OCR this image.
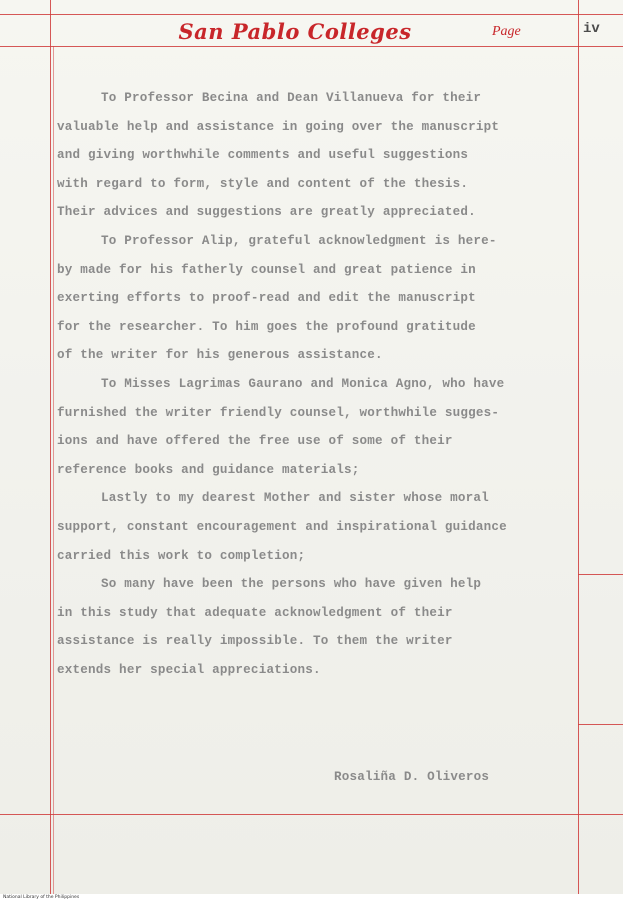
San Pablo Colleges	Page	iv
To Professor Becina and Dean Villanueva for their
valuable help and assistance in going over the manuscript
and giving worthwhile comments and useful suggestions
with regard to form, style and content of the thesis.
Their advices and suggestions are greatly appreciated.
To Professor Alip, grateful acknowledgment is here-
by made for his fatherly counsel and great patience in
exerting efforts to proof-read and edit the manuscript
for the researcher. To him goes the profound gratitude
of the writer for his generous assistance.
To Misses Lagrimas Gaurano and Monica Agno, who have
furnished the writer friendly counsel, worthwhile sugges-
ions and have offered the free use of some of their
reference books and guidance materials;
Lastly to my dearest Mother and sister whose moral
support, constant encouragement and inspirational guidance
carried this work to completion;
So many have been the persons who have given help
in this study that adequate acknowledgment of their
assistance is really impossible. To them the writer
extends her special appreciations.
Rosaliña D. Oliveros
National Library of the Philippines
